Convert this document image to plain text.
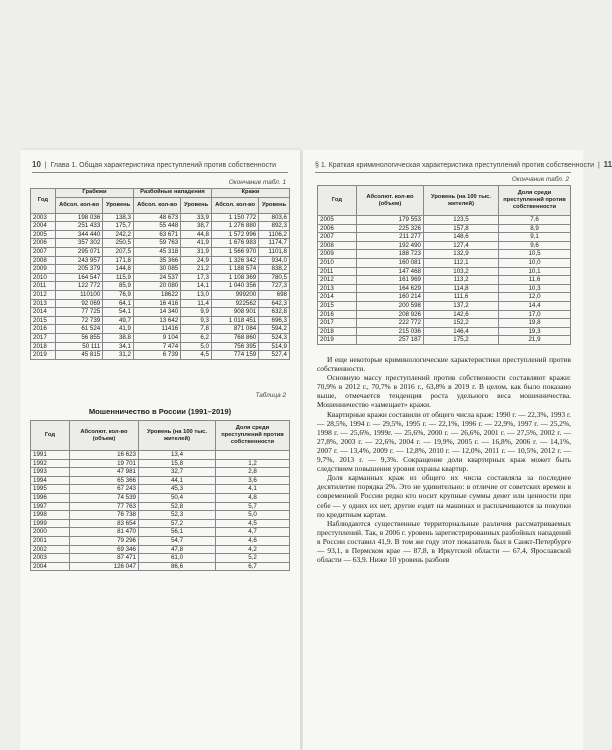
10  |  Глава 1. Общая характеристика преступлений против собственности
Окончание табл. 1
Год	Грабежи		Разбойные нападения		Кражи	
	Абсол. кол-во	Уровень	Абсол. кол-во	Уровень	Абсол. кол-во	Уровень
2003	198 036	138,3	48 673	33,9	1 150 772	803,6
2004	251 433	175,7	55 448	38,7	1 276 880	892,3
2005	344 440	242,2	63 671	44,8	1 572 996	1106,2
2006	357 302	250,5	59 763	41,9	1 676 983	1174,7
2007	295 071	207,5	45 318	31,9	1 566 970	1101,8
2008	243 957	171,8	35 366	24,9	1 326 342	934,0
2009	205 379	144,8	30 085	21,2	1 188 574	838,2
2010	164 547	115,9	24 537	17,3	1 108 369	780,5
2011	122 772	85,9	20 080	14,1	1 040 356	727,3
2012	110100	76,9	18622	13,0	999200	698
2013	92 069	64,1	16 416	11,4	922562	642,3
2014	77 725	54,1	14 340	9,9	908 901	632,8
2015	72 739	49,7	13 642	9,3	1 018 451	696,3
2016	61 524	41,9	11416	7,8	871 084	594,2
2017	56 855	38,8	9 104	6,2	768 860	524,3
2018	50 111	34,1	7 474	5,0	756 395	514,9
2019	45 815	31,2	6 739	4,5	774 159	527,4
Таблица 2
Мошенничество в России (1991–2019)
Год	Абсолют. кол-во (объем)	Уровень (на 100 тыс. жителей)	Доля среди преступлений против собственности
1991	16 623	13,4	
1992	19 701	15,8	1,2
1993	47 981	32,7	2,8
1994	65 366	44,1	3,6
1995	67 243	45,3	4,1
1996	74 539	50,4	4,8
1997	77 763	52,8	5,7
1998	76 738	52,3	5,0
1999	83 654	57,2	4,5
2000	81 470	56,1	4,7
2001	79 296	54,7	4,6
2002	69 346	47,8	4,2
2003	87 471	61,0	5,2
2004	126 047	86,6	6,7
§ 1. Краткая криминологическая характеристика преступлений против собственности  |  11
Окончание табл. 2
Год	Абсолют. кол-во (объем)	Уровень (на 100 тыс. жителей)	Доля среди преступлений против собственности
2005	179 553	123,5	7,6
2006	225 326	157,8	8,9
2007	211 277	148,6	9,1
2008	192 490	127,4	9,6
2009	188 723	132,9	10,5
2010	160 081	112,1	10,0
2011	147 468	103,2	10,1
2012	161 969	113,2	11,6
2013	164 629	114,8	10,3
2014	160 214	111,6	12,0
2015	200 598	137,2	14,4
2016	208 926	142,6	17,0
2017	222 772	152,2	19,8
2018	215 036	146,4	19,3
2019	257 187	175,2	21,9

И еще некоторые криминологические характеристики преступлений против собственности.

Основную массу преступлений против собственности составляют кражи: 70,9% в 2012 г., 70,7% в 2016 г., 63,8% в 2019 г. В целом, как было показано выше, отмечается тенденция роста удельного веса мошенничества. Мошенничество «замещает» кражи.

Квартирные кражи составили от общего числа краж: 1990 г. — 22,3%, 1993 г. — 28,5%, 1994 г. — 29,5%, 1995 г. — 22,1%, 1996 г. — 22,9%, 1997 г. — 25,2%, 1998 г. — 25,6%, 1999г. — 25,6%, 2000 г. — 26,6%, 2001 г. — 27,5%, 2002 г. — 27,8%, 2003 г. — 22,6%, 2004 г. — 19,9%, 2005 г. — 16,8%, 2006 г. — 14,1%, 2007 г. — 13,4%, 2009 г. — 12,8%, 2010 г. — 12,0%, 2011 г. — 10,5%, 2012 г. — 9,7%, 2013 г. — 9,3%. Сокращение доли квартирных краж может быть следствием повышения уровня охраны квартир.

Доля карманных краж из общего их числа составляла за последнее десятилетие порядка 2%. Это не удивительно: в отличие от советских времен в современной России редко кто носит крупные суммы денег или ценности при себе — у одних их нет, другие ездят на машинах и расплачиваются за покупки по кредитным картам.

Наблюдаются существенные территориальные различия рассматриваемых преступлений. Так, в 2006 г. уровень зарегистрированных разбойных нападений в России составил 41,9. В том же году этот показатель был в Санкт-Петербурге — 93,1, в Пермском крае — 87,8, в Иркутской области — 67,4, Ярославской области — 63,9. Ниже 10 уровень разбоев
